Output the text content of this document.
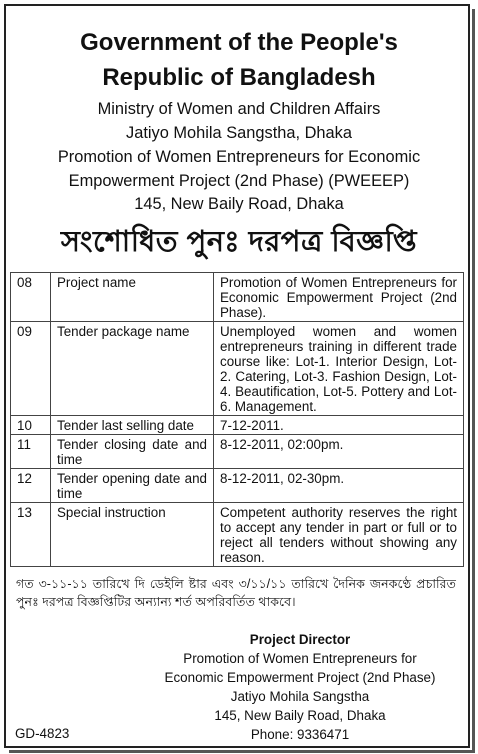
Government of the People's
Republic of Bangladesh
Ministry of Women and Children Affairs
Jatiyo Mohila Sangstha, Dhaka
Promotion of Women Entrepreneurs for Economic
Empowerment Project (2nd Phase) (PWEEEP)
145, New Baily Road, Dhaka
সংশোধিত পুনঃ দরপত্র বিজ্ঞপ্তি
08	Project name	Promotion of Women Entrepreneurs for Economic Empowerment Project (2nd Phase).
09	Tender package name	Unemployed women and women entrepreneurs training in different trade course like: Lot-1. Interior Design, Lot-2. Catering, Lot-3. Fashion Design, Lot-4. Beautification, Lot-5. Pottery and Lot-6. Management.
10	Tender last selling date	7-12-2011.
11	Tender closing date and time	8-12-2011, 02:00pm.
12	Tender opening date and time	8-12-2011, 02-30pm.
13	Special instruction	Competent authority reserves the right to accept any tender in part or full or to reject all tenders without showing any reason.
গত ৩-১১-১১ তারিখে দি ডেইলি ষ্টার এবং ৩/১১/১১ তারিখে দৈনিক জনকণ্ঠে প্রচারিত পুনঃ দরপত্র বিজ্ঞপ্তিটির অন্যান্য শর্ত অপরিবর্তিত থাকবে।
Project Director
Promotion of Women Entrepreneurs for
Economic Empowerment Project (2nd Phase)
Jatiyo Mohila Sangstha
145, New Baily Road, Dhaka
Phone: 9336471
GD-4823
